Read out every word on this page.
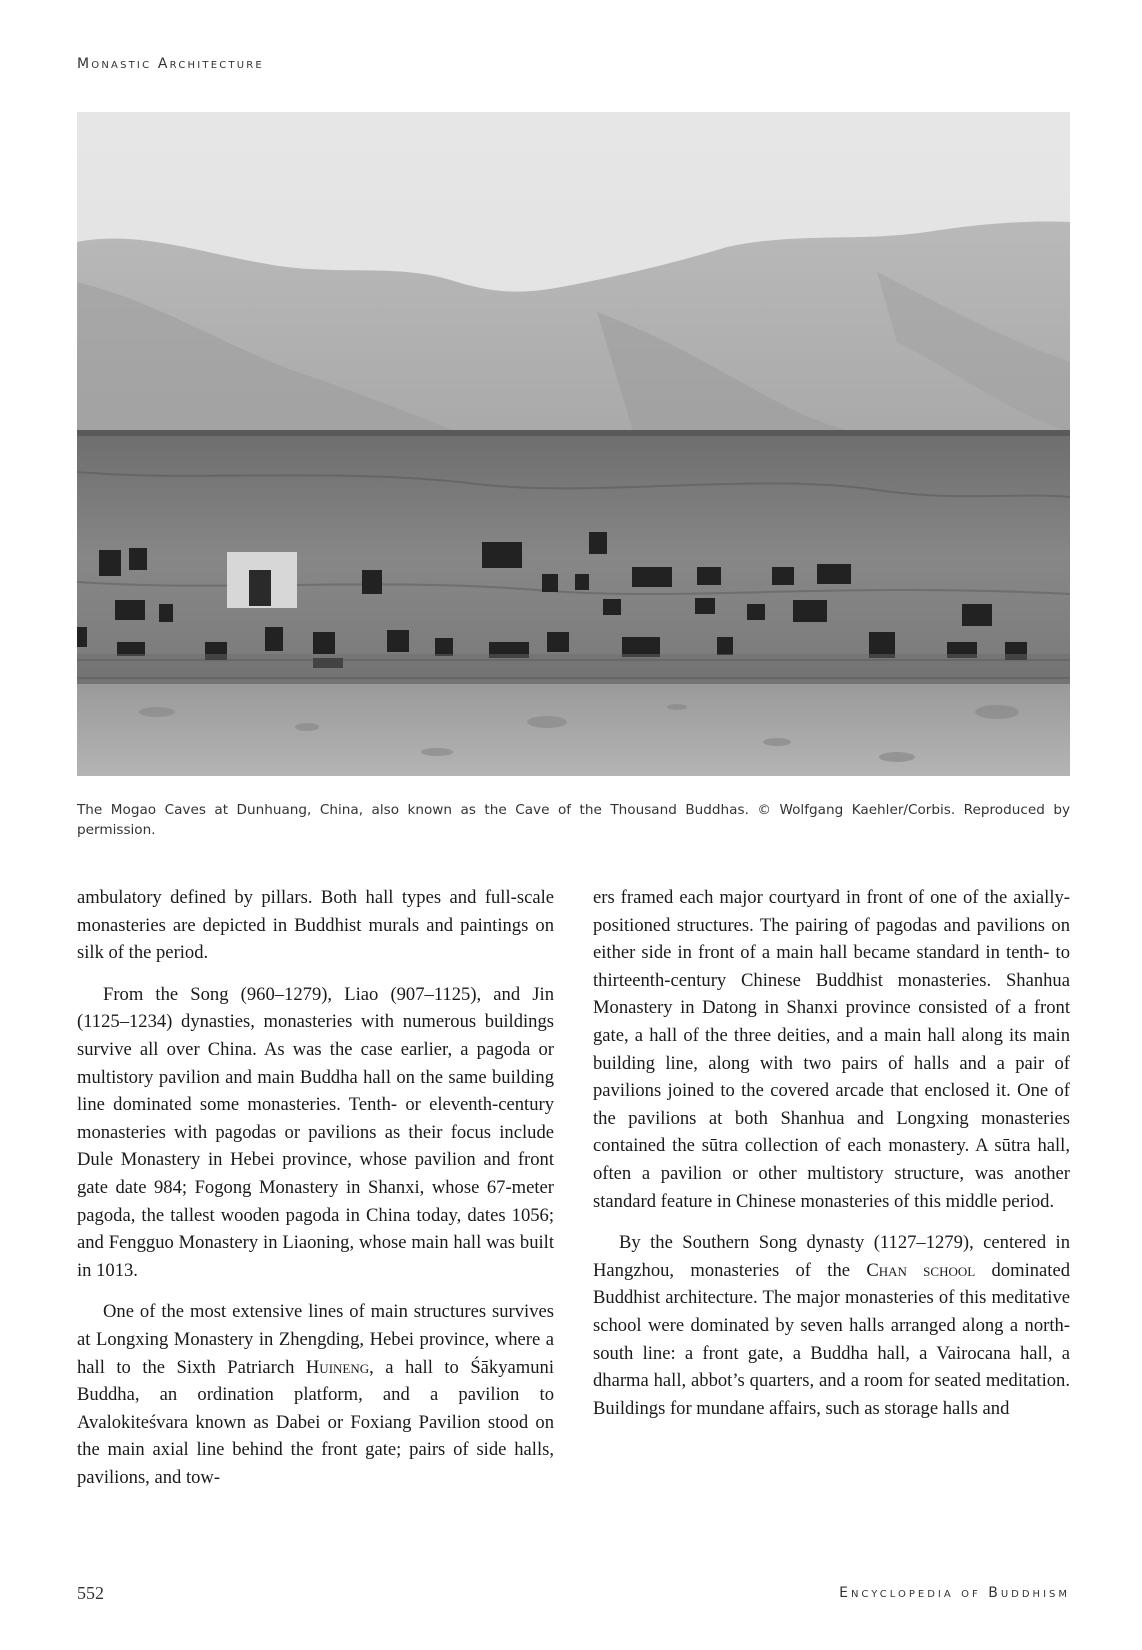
Monastic Architecture
The Mogao Caves at Dunhuang, China, also known as the Cave of the Thousand Buddhas. © Wolfgang Kaehler/Corbis. Reproduced by permission.

ambulatory defined by pillars. Both hall types and full-scale monasteries are depicted in Buddhist murals and paintings on silk of the period.

From the Song (960–1279), Liao (907–1125), and Jin (1125–1234) dynasties, monasteries with numerous buildings survive all over China. As was the case earlier, a pagoda or multistory pavilion and main Buddha hall on the same building line dominated some monasteries. Tenth- or eleventh-century monasteries with pagodas or pavilions as their focus include Dule Monastery in Hebei province, whose pavilion and front gate date 984; Fogong Monastery in Shanxi, whose 67-meter pagoda, the tallest wooden pagoda in China today, dates 1056; and Fengguo Monastery in Liaoning, whose main hall was built in 1013.

One of the most extensive lines of main structures survives at Longxing Monastery in Zhengding, Hebei province, where a hall to the Sixth Patriarch Huineng, a hall to Śākyamuni Buddha, an ordination platform, and a pavilion to Avalokiteśvara known as Dabei or Foxiang Pavilion stood on the main axial line behind the front gate; pairs of side halls, pavilions, and tow-

ers framed each major courtyard in front of one of the axially-positioned structures. The pairing of pagodas and pavilions on either side in front of a main hall became standard in tenth- to thirteenth-century Chinese Buddhist monasteries. Shanhua Monastery in Datong in Shanxi province consisted of a front gate, a hall of the three deities, and a main hall along its main building line, along with two pairs of halls and a pair of pavilions joined to the covered arcade that enclosed it. One of the pavilions at both Shanhua and Longxing monasteries contained the sūtra collection of each monastery. A sūtra hall, often a pavilion or other multistory structure, was another standard feature in Chinese monasteries of this middle period.

By the Southern Song dynasty (1127–1279), centered in Hangzhou, monasteries of the Chan school dominated Buddhist architecture. The major monasteries of this meditative school were dominated by seven halls arranged along a north-south line: a front gate, a Buddha hall, a Vairocana hall, a dharma hall, abbot’s quarters, and a room for seated meditation. Buildings for mundane affairs, such as storage halls and

552	Encyclopedia of Buddhism
